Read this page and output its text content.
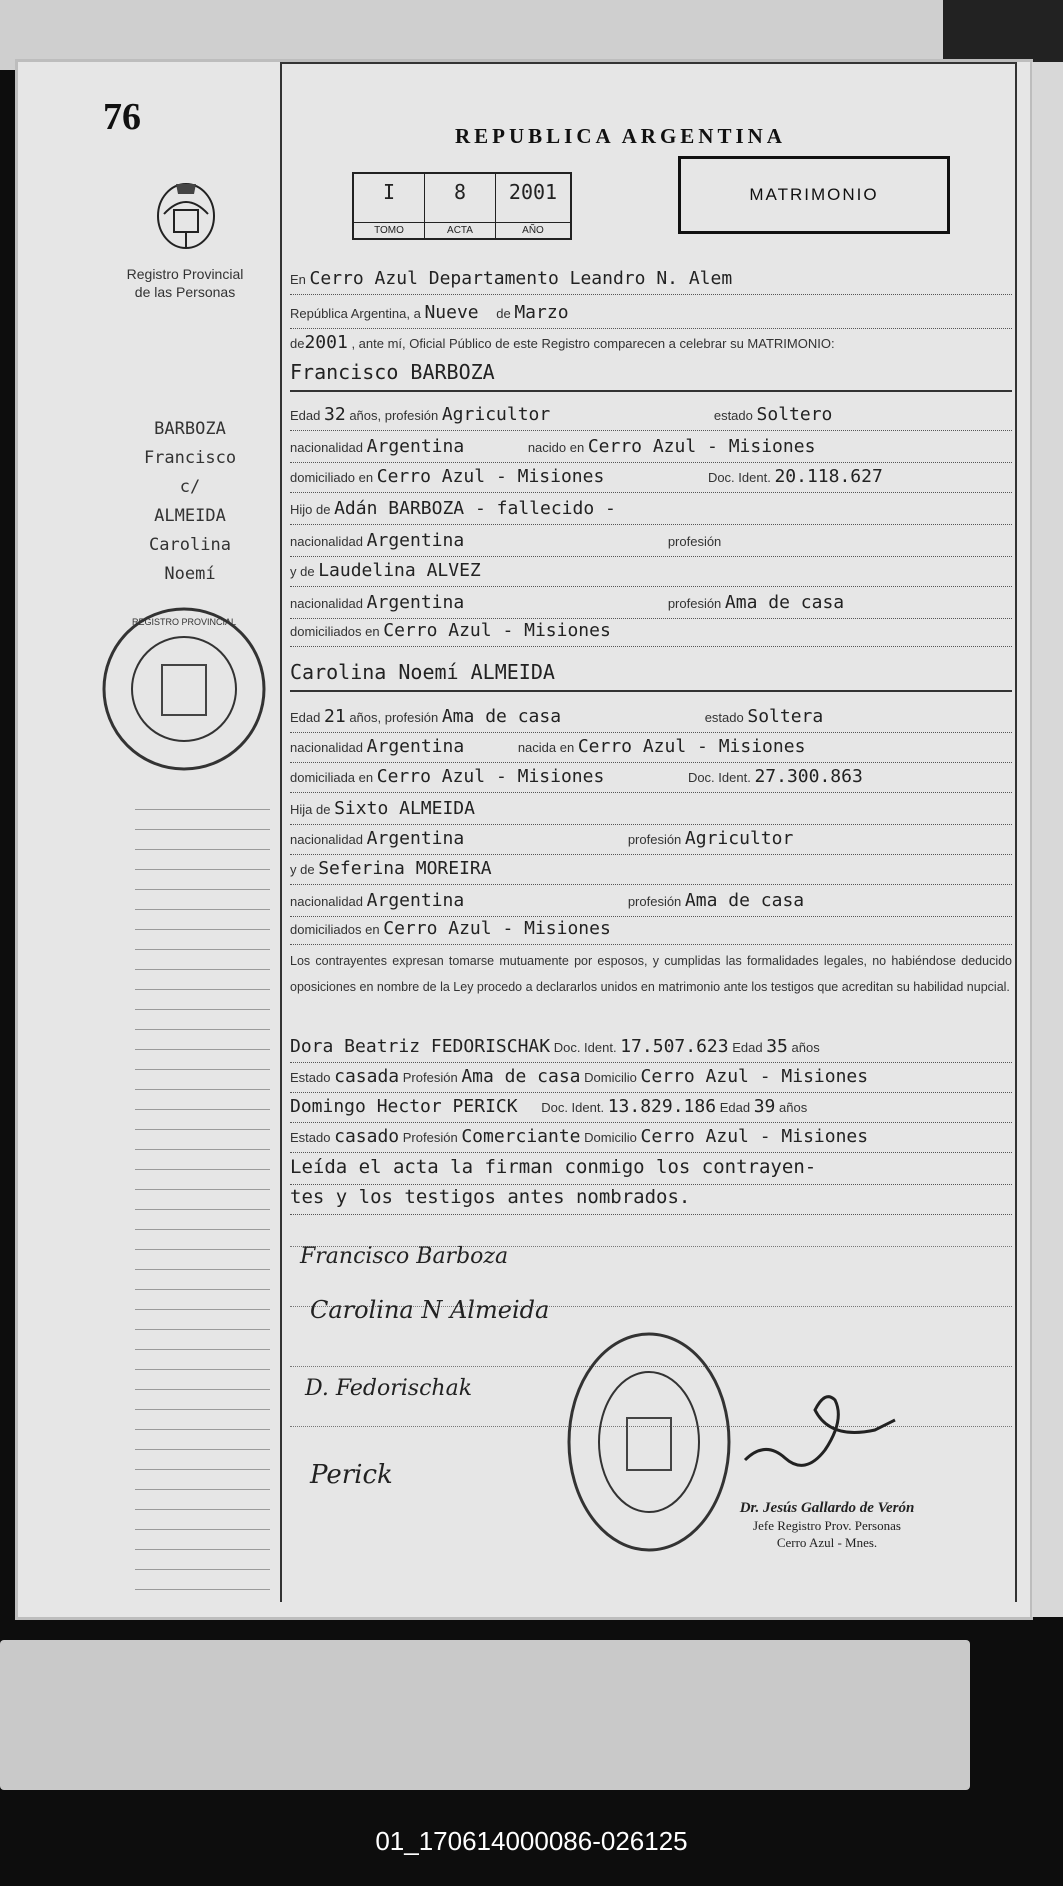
76
Registro Provincial
de las Personas
BARBOZA
Francisco
c/
ALMEIDA
Carolina
Noemí
REGISTRO PROVINCIAL
REPUBLICA ARGENTINA
I
TOMO
8
ACTA
2001
AÑO
MATRIMONIO
En Cerro Azul Departamento Leandro N. Alem
República Argentina, a Nueve de Marzo
de2001 , ante mí, Oficial Público de este Registro comparecen a celebrar su MATRIMONIO:
Francisco BARBOZA
Edad 32 años, profesión Agricultor	estado Soltero
nacionalidad Argentina	nacido en Cerro Azul - Misiones
domiciliado en Cerro Azul - Misiones	Doc. Ident. 20.118.627
Hijo de Adán BARBOZA - fallecido -
nacionalidad Argentina	profesión
y de Laudelina ALVEZ
nacionalidad Argentina	profesión Ama de casa
domiciliados en Cerro Azul - Misiones
Carolina Noemí ALMEIDA
Edad 21 años, profesión Ama de casa	estado Soltera
nacionalidad Argentina	nacida en Cerro Azul - Misiones
domiciliada en Cerro Azul - Misiones	Doc. Ident. 27.300.863
Hija de Sixto ALMEIDA
nacionalidad Argentina	profesión Agricultor
y de Seferina MOREIRA
nacionalidad Argentina	profesión Ama de casa
domiciliados en Cerro Azul - Misiones
Los contrayentes expresan tomarse mutuamente por esposos, y cumplidas las formalidades legales, no habiéndose deducido oposiciones en nombre de la Ley procedo a declararlos unidos en matrimonio ante los testigos que acreditan su habilidad nupcial.
Dora Beatriz FEDORISCHAK Doc. Ident. 17.507.623 Edad 35 años
Estado casada Profesión Ama de casa Domicilio Cerro Azul - Misiones
Domingo Hector PERICK Doc. Ident. 13.829.186 Edad 39 años
Estado casado Profesión Comerciante Domicilio Cerro Azul - Misiones
Leída el acta la firman conmigo los contrayen-
tes y los testigos antes nombrados.
Francisco Barboza
Carolina N Almeida
D. Fedorischak
Perick
Dr. Jesús Gallardo de Verón
Jefe Registro Prov. Personas
Cerro Azul - Mnes.
01_170614000086-026125
